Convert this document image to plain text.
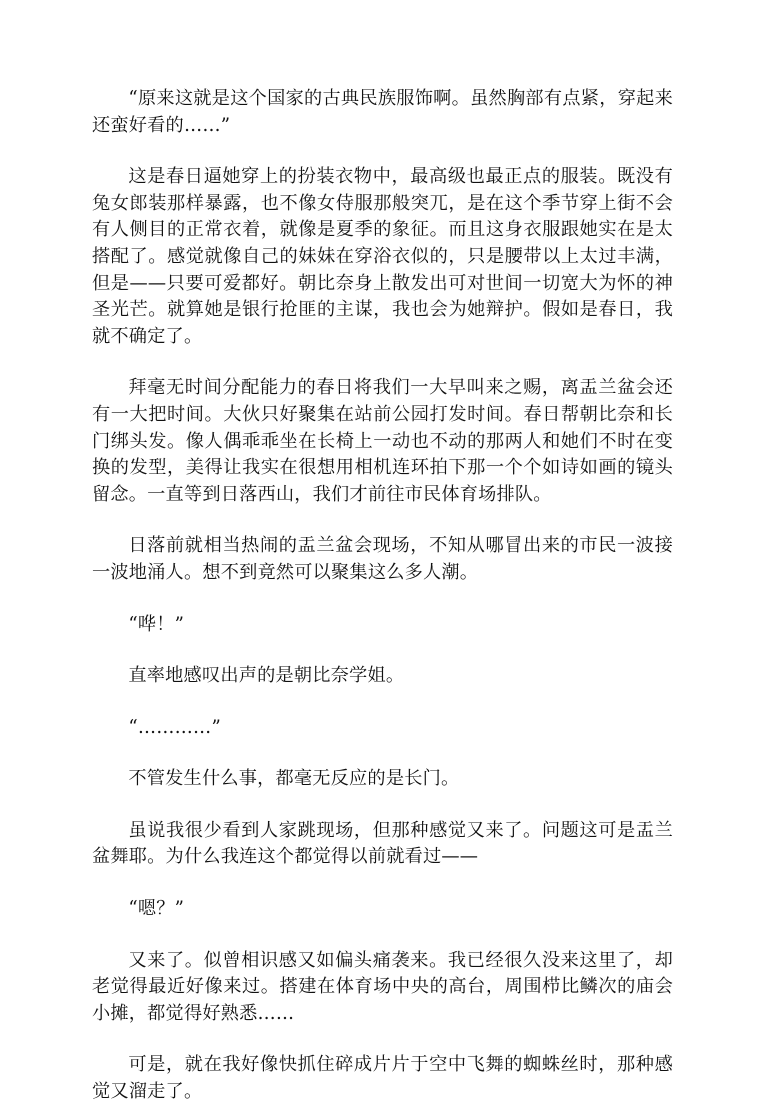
“原来这就是这个国家的古典民族服饰啊。虽然胸部有点紧，穿起来还蛮好看的……”

这是春日逼她穿上的扮装衣物中，最高级也最正点的服装。既没有兔女郎装那样暴露，也不像女侍服那般突兀，是在这个季节穿上街不会有人侧目的正常衣着，就像是夏季的象征。而且这身衣服跟她实在是太搭配了。感觉就像自己的妹妹在穿浴衣似的，只是腰带以上太过丰满，但是——只要可爱都好。朝比奈身上散发出可对世间一切宽大为怀的神圣光芒。就算她是银行抢匪的主谋，我也会为她辩护。假如是春日，我就不确定了。

拜毫无时间分配能力的春日将我们一大早叫来之赐，离盂兰盆会还有一大把时间。大伙只好聚集在站前公园打发时间。春日帮朝比奈和长门绑头发。像人偶乖乖坐在长椅上一动也不动的那两人和她们不时在变换的发型，美得让我实在很想用相机连环拍下那一个个如诗如画的镜头留念。一直等到日落西山，我们才前往市民体育场排队。

日落前就相当热闹的盂兰盆会现场，不知从哪冒出来的市民一波接一波地涌人。想不到竟然可以聚集这么多人潮。

“哗！”

直率地感叹出声的是朝比奈学姐。

“…………”

不管发生什么事，都毫无反应的是长门。

虽说我很少看到人家跳现场，但那种感觉又来了。问题这可是盂兰盆舞耶。为什么我连这个都觉得以前就看过——

“嗯？”

又来了。似曾相识感又如偏头痛袭来。我已经很久没来这里了，却老觉得最近好像来过。搭建在体育场中央的高台，周围栉比鳞次的庙会小摊，都觉得好熟悉……

可是，就在我好像快抓住碎成片片于空中飞舞的蜘蛛丝时，那种感觉又溜走了。
